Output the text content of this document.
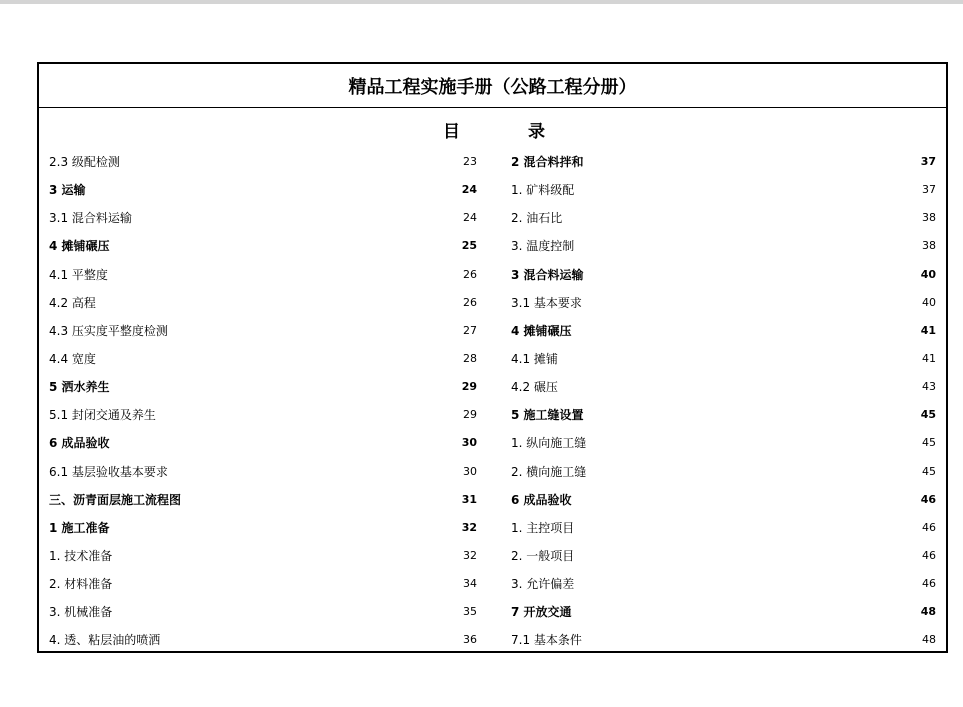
精品工程实施手册（公路工程分册）
目	录
2.3 级配检测	23
3 运输	24
3.1 混合料运输	24
4 摊铺碾压	25
4.1 平整度	26
4.2 高程	26
4.3 压实度平整度检测	27
4.4 宽度	28
5 洒水养生	29
5.1 封闭交通及养生	29
6 成品验收	30
6.1 基层验收基本要求	30
三、沥青面层施工流程图	31
1 施工准备	32
1. 技术准备	32
2. 材料准备	34
3. 机械准备	35
4. 透、粘层油的喷洒	36
2 混合料拌和	37
1. 矿料级配	37
2. 油石比	38
3. 温度控制	38
3 混合料运输	40
3.1 基本要求	40
4 摊铺碾压	41
4.1 摊铺	41
4.2 碾压	43
5 施工缝设置	45
1. 纵向施工缝	45
2. 横向施工缝	45
6 成品验收	46
1. 主控项目	46
2. 一般项目	46
3. 允许偏差	46
7 开放交通	48
7.1 基本条件	48
